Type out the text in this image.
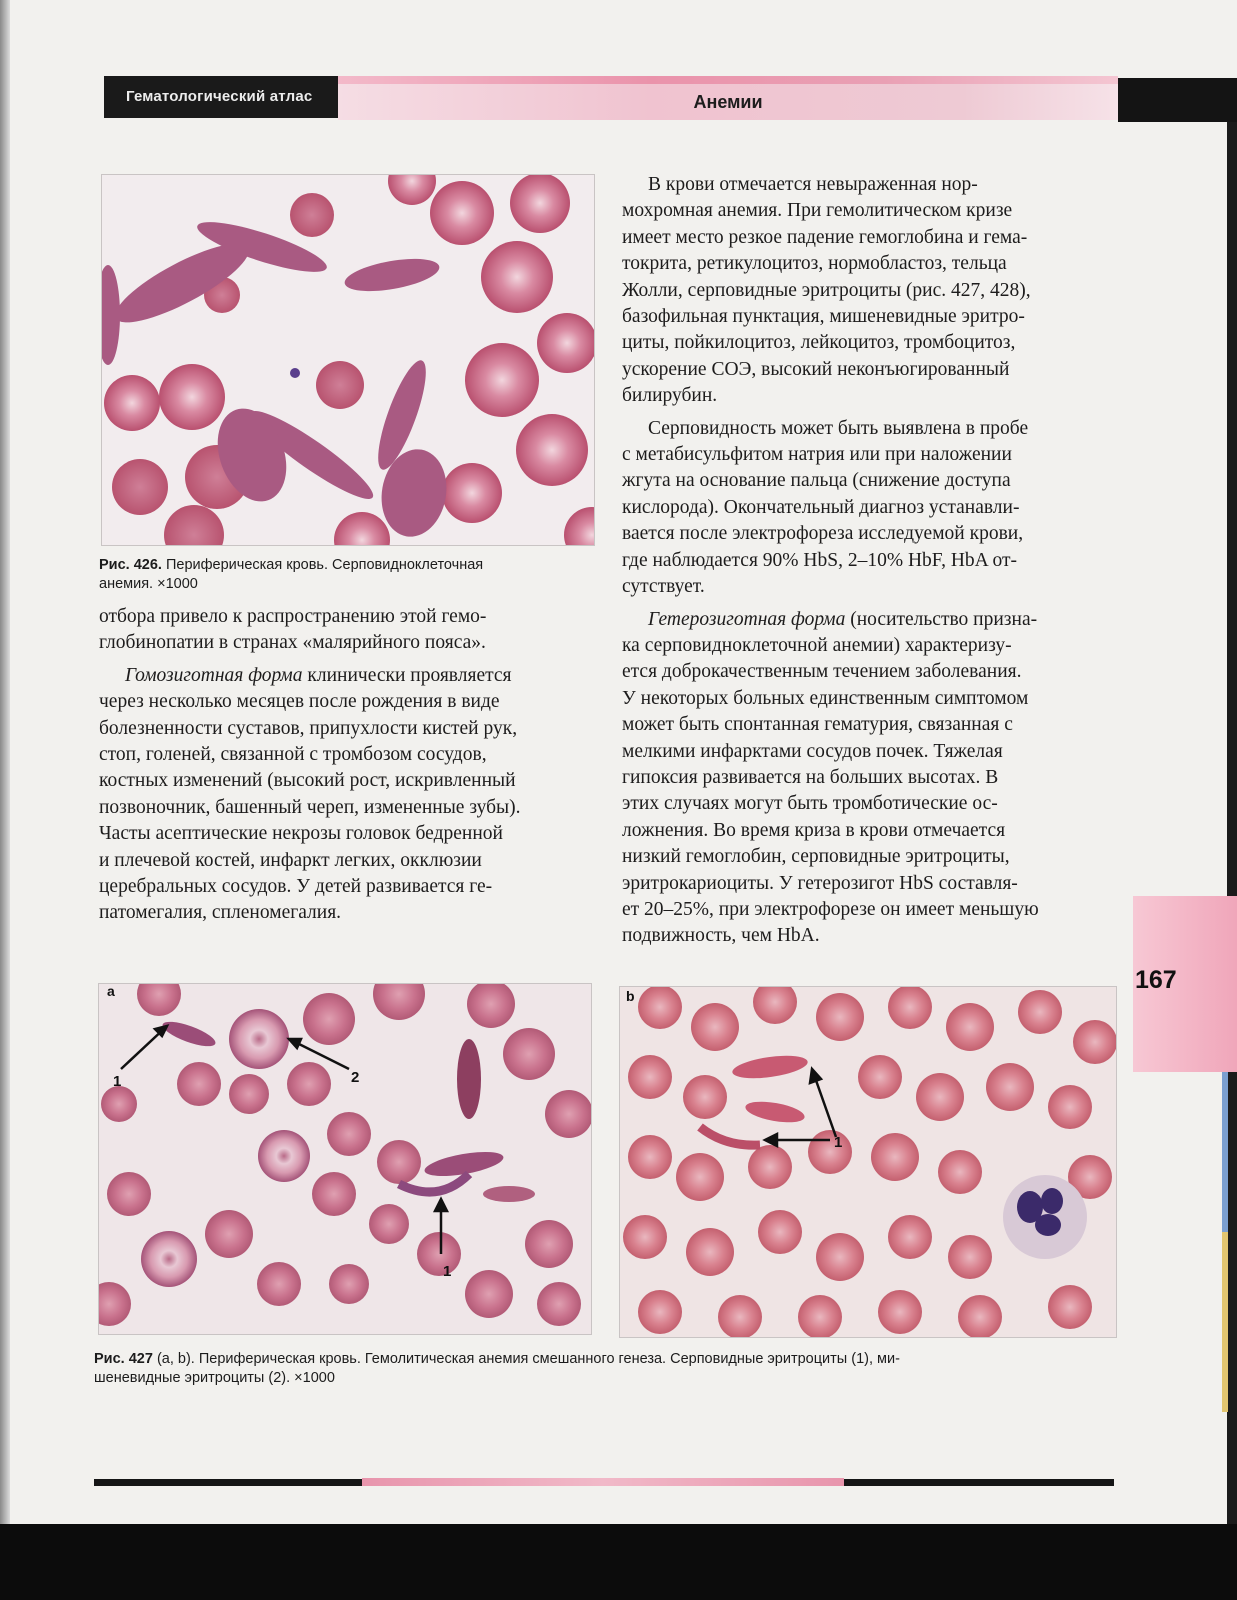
Гематологический атлас	Анемии
Рис. 426. Периферическая кровь. Серповидноклеточная
анемия. ×1000

отбора привело к распространению этой гемо-
глобинопатии в странах «малярийного пояса».

Гомозиготная форма клинически проявляется
через несколько месяцев после рождения в виде
болезненности суставов, припухлости кистей рук,
стоп, голеней, связанной с тромбозом сосудов,
костных изменений (высокий рост, искривленный
позвоночник, башенный череп, измененные зубы).
Часты асептические некрозы головок бедренной
и плечевой костей, инфаркт легких, окклюзии
церебральных сосудов. У детей развивается ге-
патомегалия, спленомегалия.

В крови отмечается невыраженная нор-
мохромная анемия. При гемолитическом кризе
имеет место резкое падение гемоглобина и гема-
токрита, ретикулоцитоз, нормобластоз, тельца
Жолли, серповидные эритроциты (рис. 427, 428),
базофильная пунктация, мишеневидные эритро-
циты, пойкилоцитоз, лейкоцитоз, тромбоцитоз,
ускорение СОЭ, высокий неконъюгированный
билирубин.

Серповидность может быть выявлена в пробе
с метабисульфитом натрия или при наложении
жгута на основание пальца (снижение доступа
кислорода). Окончательный диагноз устанавли-
вается после электрофореза исследуемой крови,
где наблюдается 90% HbS, 2–10% HbF, HbA от-
сутствует.

Гетерозиготная форма (носительство призна-
ка серповидноклеточной анемии) характеризу-
ется доброкачественным течением заболевания.
У некоторых больных единственным симптомом
может быть спонтанная гематурия, связанная с
мелкими инфарктами сосудов почек. Тяжелая
гипоксия развивается на больших высотах. В
этих случаях могут быть тромботические ос-
ложнения. Во время криза в крови отмечается
низкий гемоглобин, серповидные эритроциты,
эритрокариоциты. У гетерозигот HbS составля-
ет 20–25%, при электрофорезе он имеет меньшую
подвижность, чем HbA.

167
a
1	2
1
b
1
Рис. 427 (a, b). Периферическая кровь. Гемолитическая анемия смешанного генеза. Серповидные эритроциты (1), ми-
шеневидные эритроциты (2). ×1000
